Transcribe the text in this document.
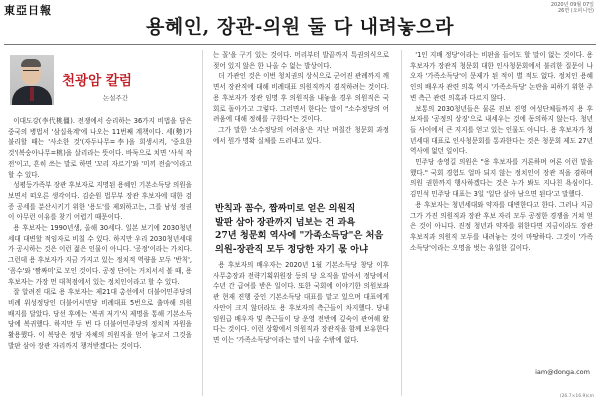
東亞日報	2020년 09월 07일
26면 (오피니언)
용혜인, 장관-의원 둘 다 내려놓으라
천광암 칼럼
논설주간

이대도강(李代桃僵). 전쟁에서 승리하는 36가지 비법을 담은 중국의 병법서 '삼십육계'에 나오는 11번째 계책이다. 세(勢)가 불리할 때는 '사소한 것'(자두나무=李)을 희생시켜, '중요한 것'(복숭아나무=桃)을 살리라는 뜻이다. 바둑으로 치면 '사석 작전'이고, 흔히 쓰는 말로 하면 '꼬리 자르기'와 '미끼 전술'이라고 할 수 있다.

성평등가족부 장관 후보자로 지명된 용혜인 기본소득당 의원을 보면서 떠오른 생각이다. 김순원 법무부 장관 후보자에 대한 검증 공세를 분산시키기 위한 '용도'를 제외하고는, 그를 남성 정권이 아무런 이유를 찾기 어렵기 때문이다.

용 후보자는 1990년생, 올해 30세다. 일본 보기에 2030청년세대 대변할 적임자로 비칠 수 있다. 하지만 우리 2030청년세대가 공시하는 것은 이런 젊은 인물이 아니다. '공정'이라는 가치다. 그런데 용 후보자가 지금 가지고 있는 정치적 역량을 모두 '반칙', '꼼수'와 '짬짜미'로 모인 것이다. 공정 단어는 거치서서 볼 때, 용 후보자는 가장 먼 대척점에서 있는 정치인이라고 할 수 있다.

잘 알려진 대로 용 후보자는 제21대 총선에서 더불어민주당의 비례 위성정당인 더불어시민당 비례대표 5번으로 출마해 의원 배지를 달았다. 당선 후에는 '복귀 저기'식 제명을 통해 기본소득당에 복귀했다. 하지만 두 번 다 더불어민주당의 정치적 자원을 활용했다. 이 복당은 정당 자체의 의원직을 얻어 놓고서 그것을 발판 삼아 장관 자리까지 챙겨받겠다는 것이다.

는 꼴'을 구기 있는 것이다. 머리부터 발끝까지 특권의식으로 젖어 있지 않은 한 나올 수 없는 발상이다.

더 가관인 것은 이번 청치권의 상식으로 군어진 관례까지 깨면서 장관직에 대해 비례대표 의원직까지 겸직하려는 것이다. 용 후보자가 장관 임명 후 의원직을 내놓을 경우 의원직은 국회로 돌아가고 그렇다. 그러면서 한다는 말이 "소수정당의 어려움에 대해 정해를 구한다"는 것이다.

그가 말한 '소수정당의 어려움'은 지난 며칠간 청문회 과정에서 뭔가 명확 실체를 드러내고 있다.

반칙과 꼼수, 짬짜미로 얻은 의원직
발판 삼아 장관까지 넘보는 건 과욕
27년 청문회 역사에 "가족소득당"은 처음
의원-장관직 모두 정당한 자기 몫 아냐

용 후보자의 배우자는 2020년 1월 기본소득당 창당 이후 사무총장과 전략기획위원장 등의 당 요직을 맡아서 정당에서 수년 간 급여를 받은 일이다. 또한 국회에 이야기한 의원보좌관 현재 진행 중인 기본소득당 대표를 맡고 있으며 대표에게 사안이 크지 않더라도 용 후보자의 측근들이 차지했다. 당내 임원급 배우자 및 측근들이 당 운영 전반에 깊숙이 관여해 왔다는 것이다. 이런 상황에서 의원직과 장관직을 함께 보유한다면 이는 '가족소득당'이라는 말이 나올 수밖에 없다.

'1인 지배 정당'이라는 비판을 들어도 할 말이 없는 것이다. 용 후보자가 장관직 청문회 대한 인사청문회에서 불리한 질문이 나오자 '가족소득당'이 문제가 된 적이 별 적도 없다. 정치인 용혜인의 배우자 관련 의혹 역시 '가족소득당' 논란을 피하기 위한 주변 측근 관련 의혹과 다르지 않다.

보통의 2030청년들은 물론 진보 진영 여성단체들까지 용 후보자를 '공정의 상징'으로 내세우는 것에 동의하지 않는다. 청년들 사이에서 큰 지지를 얻고 있는 인물도 아니다. 용 후보자가 청년세대 대표로 인사청문회를 통과한다는 것은 청문회 제도 27년 역사에 없던 일이다.

민주당 송영길 의원은 "용 후보자를 거론하며 여론 이런 말을 했다." 국회 경험도 얼마 되지 않는 정치인이 장관 직을 겸하며 의원 권한까지 행사하겠다는 것은 누가 봐도 지나친 욕심이다. 김민석 민주당 대표는 3일 '일단 살아 남으면 된다'고 말했다.

용 후보자는 청년세대와 약자를 대변한다고 한다. 그러나 지금 그가 가진 의원직과 장관 후보 자리 모두 공정한 경쟁을 거쳐 얻은 것이 아니다. 진정 청년과 약자를 위한다면 지금이라도 장관 후보직과 의원직 모두를 내려놓는 것이 마땅하다. 그것이 '가족소득당'이라는 오명을 벗는 유일한 길이다.

iam@donga.com
(26.7×16.9)cm
